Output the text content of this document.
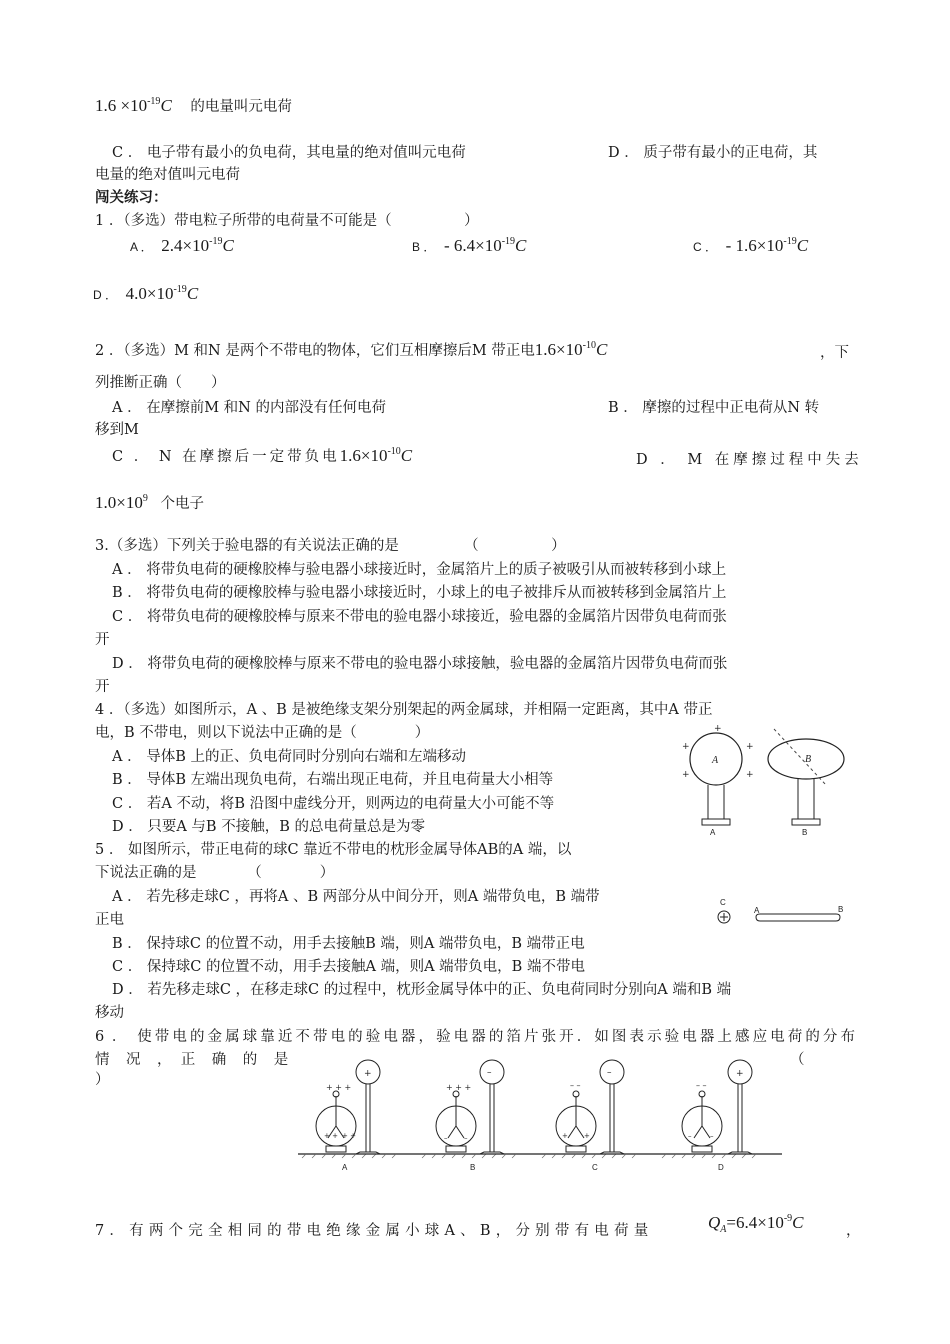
$1.6 \times 10^{-19}C$ 的电量叫元电荷
C ． 电子带有最小的负电荷，其电量的绝对值叫元电荷	D ． 质子带有最小的正电荷，其
电量的绝对值叫元电荷
闯关练习：
1 ．（多选）带电粒子所带的电荷量不可能是（　　　　　）
A ． $2.4\times 10^{-19}C$	B ． - $6.4\times 10^{-19}C$	C ． - $1.6\times 10^{-19}C$
D ． $4.0\times 10^{-19}C$
2 ．（多选）M 和N 是两个不带电的物体，它们互相摩擦后M 带正电$1.6\times 10^{-10}C$	，下
列推断正确（　　）
A ． 在摩擦前M 和N 的内部没有任何电荷	B ． 摩擦的过程中正电荷从N 转
移到M
C ． N 在摩擦后一定带负电$1.6\times 10^{-10}C$	D ． M 在摩擦过程中失去
$1.0\times 10^9$ 个电子
3.（多选）下列关于验电器的有关说法正确的是　　　　　（　　　　　）
A ． 将带负电荷的硬橡胶棒与验电器小球接近时，金属箔片上的质子被吸引从而被转移到小球上
B ． 将带负电荷的硬橡胶棒与验电器小球接近时，小球上的电子被排斥从而被转移到金属箔片上
C ． 将带负电荷的硬橡胶棒与原来不带电的验电器小球接近，验电器的金属箔片因带负电荷而张
开
D ． 将带负电荷的硬橡胶棒与原来不带电的验电器小球接触，验电器的金属箔片因带负电荷而张
开
4 ．（多选）如图所示，A 、B 是被绝缘支架分别架起的两金属球，并相隔一定距离，其中A 带正
电，B 不带电，则以下说法中正确的是（　　　　）
A ． 导体B 上的正、负电荷同时分别向右端和左端移动
B ． 导体B 左端出现负电荷，右端出现正电荷，并且电荷量大小相等
C ． 若A 不动，将B 沿图中虚线分开，则两边的电荷量大小可能不等
D ． 只要A 与B 不接触，B 的总电荷量总是为零
A
+
+	+
+	+
A
B
B
5 ． 如图所示，带正电荷的球C 靠近不带电的枕形金属导体AB的A 端，以
下说法正确的是　　　　（　　　　）
A ． 若先移走球C ，再将A 、B 两部分从中间分开，则A 端带负电，B 端带
正电
B ． 保持球C 的位置不动，用手去接触B 端，则A 端带负电，B 端带正电
C ． 保持球C 的位置不动，用手去接触A 端，则A 端带负电，B 端不带电
D ． 若先移走球C ，在移走球C 的过程中，枕形金属导体中的正、负电荷同时分别向A 端和B 端
移动
C
A	B
6 ． 使带电的金属球靠近不带电的验电器，验电器的箔片张开．如图表示验电器上感应电荷的分布
情　况　，　正　确　的　是	（
）	+
+ + +
+ + + +
A
–
+ + +
– –
B
–
– –
+ +
C
+
– –
–	–
D
7 ． 有 两 个 完 全 相 同 的 带 电 绝 缘 金 属 小 球 A 、 B ， 分 别 带 有 电 荷 量	$Q_A=6.4\times 10^{-9}C$	，
